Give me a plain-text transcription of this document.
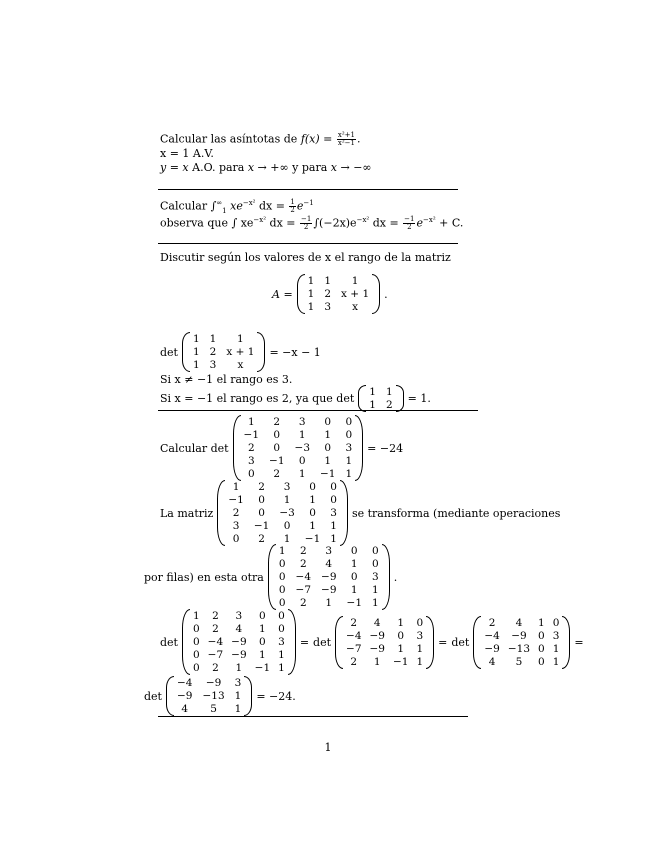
Calcular las asíntotas de $f(x) = \frac{\text{x²+1}}{\text{x²−1}}$ .
x = 1 A.V.
y = x A.O. para x → +∞ y para x → −∞
Calcular $\int^\infty_1$ $xe^{-x^2}$ dx = $\frac{1}{2} e^{-1}$
observa que ∫ $xe^{-x^2}$ dx = $\frac{-1}{2} \int(-2x)e^{-x^2}$ dx = $\frac{-1}{2} e^{-x^2} + C$.
Discutir según los valores de x el rango de la matriz
A =
1 1	1
1 2 x + 1
1 3	x
.
det
1 1	1
1 2 x + 1
1 3	x
= −x − 1
Si x ≠ −1 el rango es 3.
Si x = −1 el rango es 2, ya que det 1 1
1 2 = 1.
Calcular det
1	2	3	0	0
−1	0	1	1	0
2	0	−3	0	3
3	−1	0	1	1
0	2	1	−1 1
= −24
La matriz
1	2	3	0	0
−1	0	1	1	0
2	0	−3	0	3
3	−1	0	1	1
0	2	1	−1 1
se transforma (mediante operaciones
por filas) en esta otra
1	2	3	0	0
0	2	4	1	0
0 −4 −9	0	3
0 −7 −9	1	1
0	2	1	−1 1
.
det
1	2	3	0	0
0	2	4	1	0
0 −4 −9	0	3
0 −7 −9	1	1
0	2	1	−1 1
= det
2	4	1	0
−4 −9	0	3
−7 −9	1	1
2	1	−1 1
= det
2	4	1 0
−4	−9	0 3
−9 −13 0 1
4	5	0 1
=
det
−4	−9	3
−9 −13 1
4	5	1
= −24.
1
